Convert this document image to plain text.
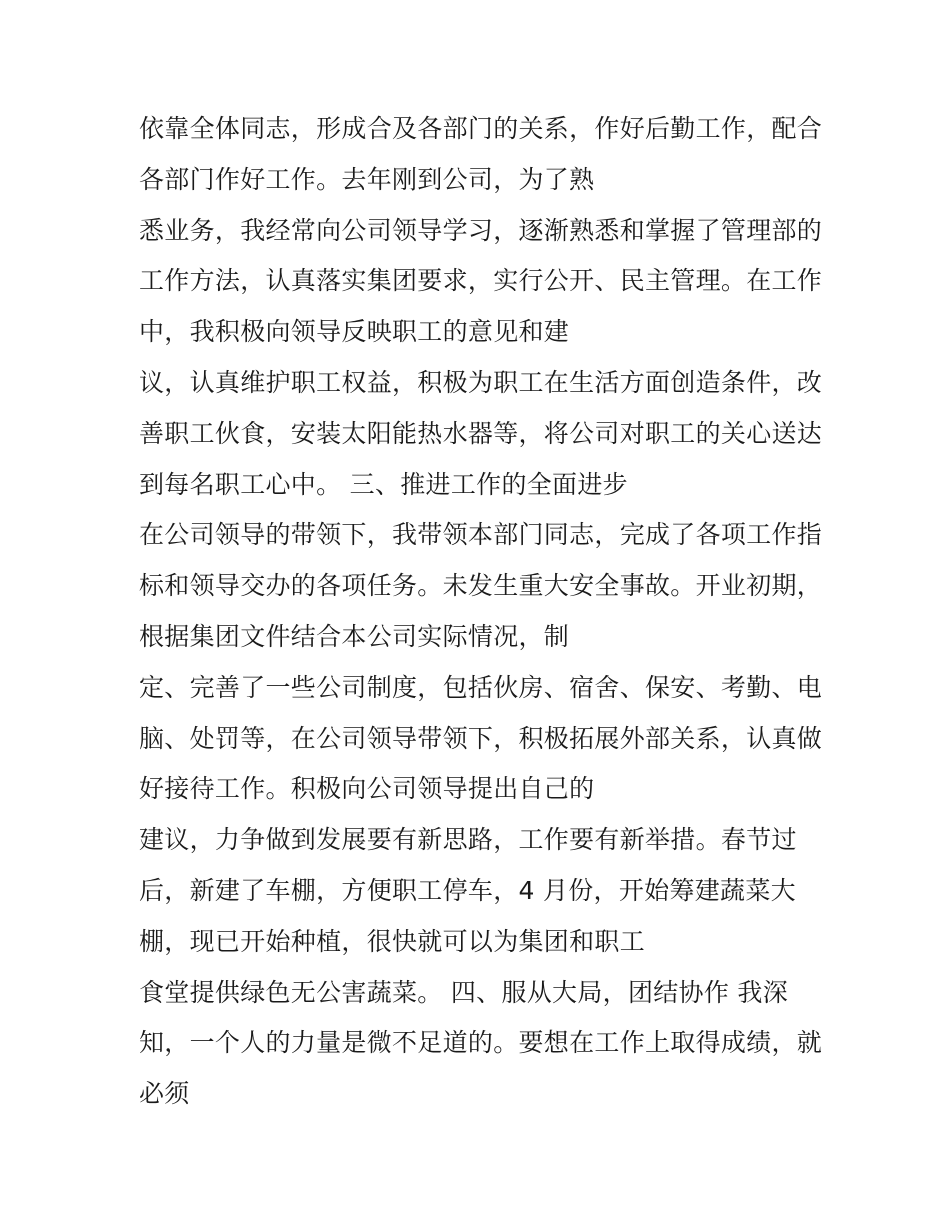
依靠全体同志，形成合及各部门的关系，作好后勤工作，配合
各部门作好工作。去年刚到公司，为了熟
悉业务，我经常向公司领导学习，逐渐熟悉和掌握了管理部的
工作方法，认真落实集团要求，实行公开、民主管理。在工作
中，我积极向领导反映职工的意见和建
议，认真维护职工权益，积极为职工在生活方面创造条件，改
善职工伙食，安装太阳能热水器等，将公司对职工的关心送达
到每名职工心中。 三、推进工作的全面进步
在公司领导的带领下，我带领本部门同志，完成了各项工作指
标和领导交办的各项任务。未发生重大安全事故。开业初期，
根据集团文件结合本公司实际情况，制
定、完善了一些公司制度，包括伙房、宿舍、保安、考勤、电
脑、处罚等，在公司领导带领下，积极拓展外部关系，认真做
好接待工作。积极向公司领导提出自己的
建议，力争做到发展要有新思路，工作要有新举措。春节过
后，新建了车棚，方便职工停车，4 月份，开始筹建蔬菜大
棚，现已开始种植，很快就可以为集团和职工
食堂提供绿色无公害蔬菜。 四、服从大局，团结协作 我深
知，一个人的力量是微不足道的。要想在工作上取得成绩，就
必须
